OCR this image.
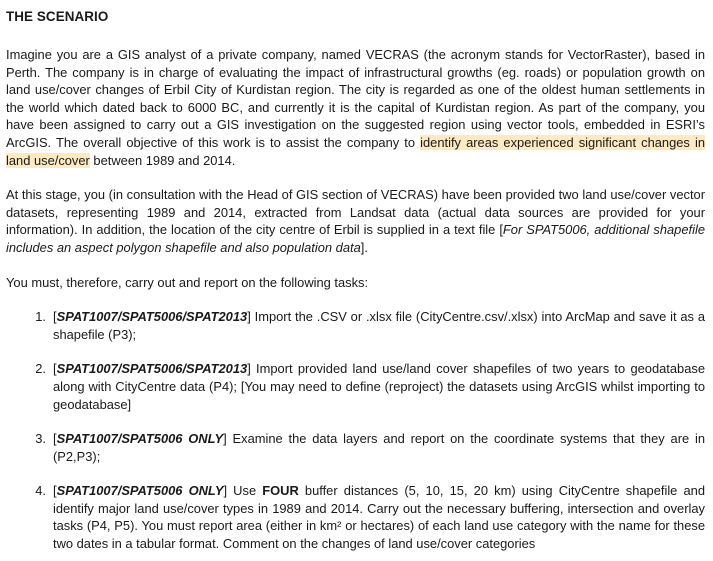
THE SCENARIO

Imagine you are a GIS analyst of a private company, named VECRAS (the acronym stands for VectorRaster), based in Perth. The company is in charge of evaluating the impact of infrastructural growths (eg. roads) or population growth on land use/cover changes of Erbil City of Kurdistan region. The city is regarded as one of the oldest human settlements in the world which dated back to 6000 BC, and currently it is the capital of Kurdistan region. As part of the company, you have been assigned to carry out a GIS investigation on the suggested region using vector tools, embedded in ESRI’s ArcGIS. The overall objective of this work is to assist the company to identify areas experienced significant changes in land use/cover between 1989 and 2014.

At this stage, you (in consultation with the Head of GIS section of VECRAS) have been provided two land use/cover vector datasets, representing 1989 and 2014, extracted from Landsat data (actual data sources are provided for your information). In addition, the location of the city centre of Erbil is supplied in a text file [For SPAT5006, additional shapefile includes an aspect polygon shapefile and also population data].

You must, therefore, carry out and report on the following tasks:

1. [SPAT1007/SPAT5006/SPAT2013] Import the .CSV or .xlsx file (CityCentre.csv/.xlsx) into ArcMap and save it as a shapefile (P3);
2. [SPAT1007/SPAT5006/SPAT2013] Import provided land use/land cover shapefiles of two years to geodatabase along with CityCentre data (P4); [You may need to define (reproject) the datasets using ArcGIS whilst importing to geodatabase]
3. [SPAT1007/SPAT5006 ONLY] Examine the data layers and report on the coordinate systems that they are in (P2,P3);
4. [SPAT1007/SPAT5006 ONLY] Use FOUR buffer distances (5, 10, 15, 20 km) using CityCentre shapefile and identify major land use/cover types in 1989 and 2014. Carry out the necessary buffering, intersection and overlay tasks (P4, P5). You must report area (either in km² or hectares) of each land use category with the name for these two dates in a tabular format. Comment on the changes of land use/cover categories
